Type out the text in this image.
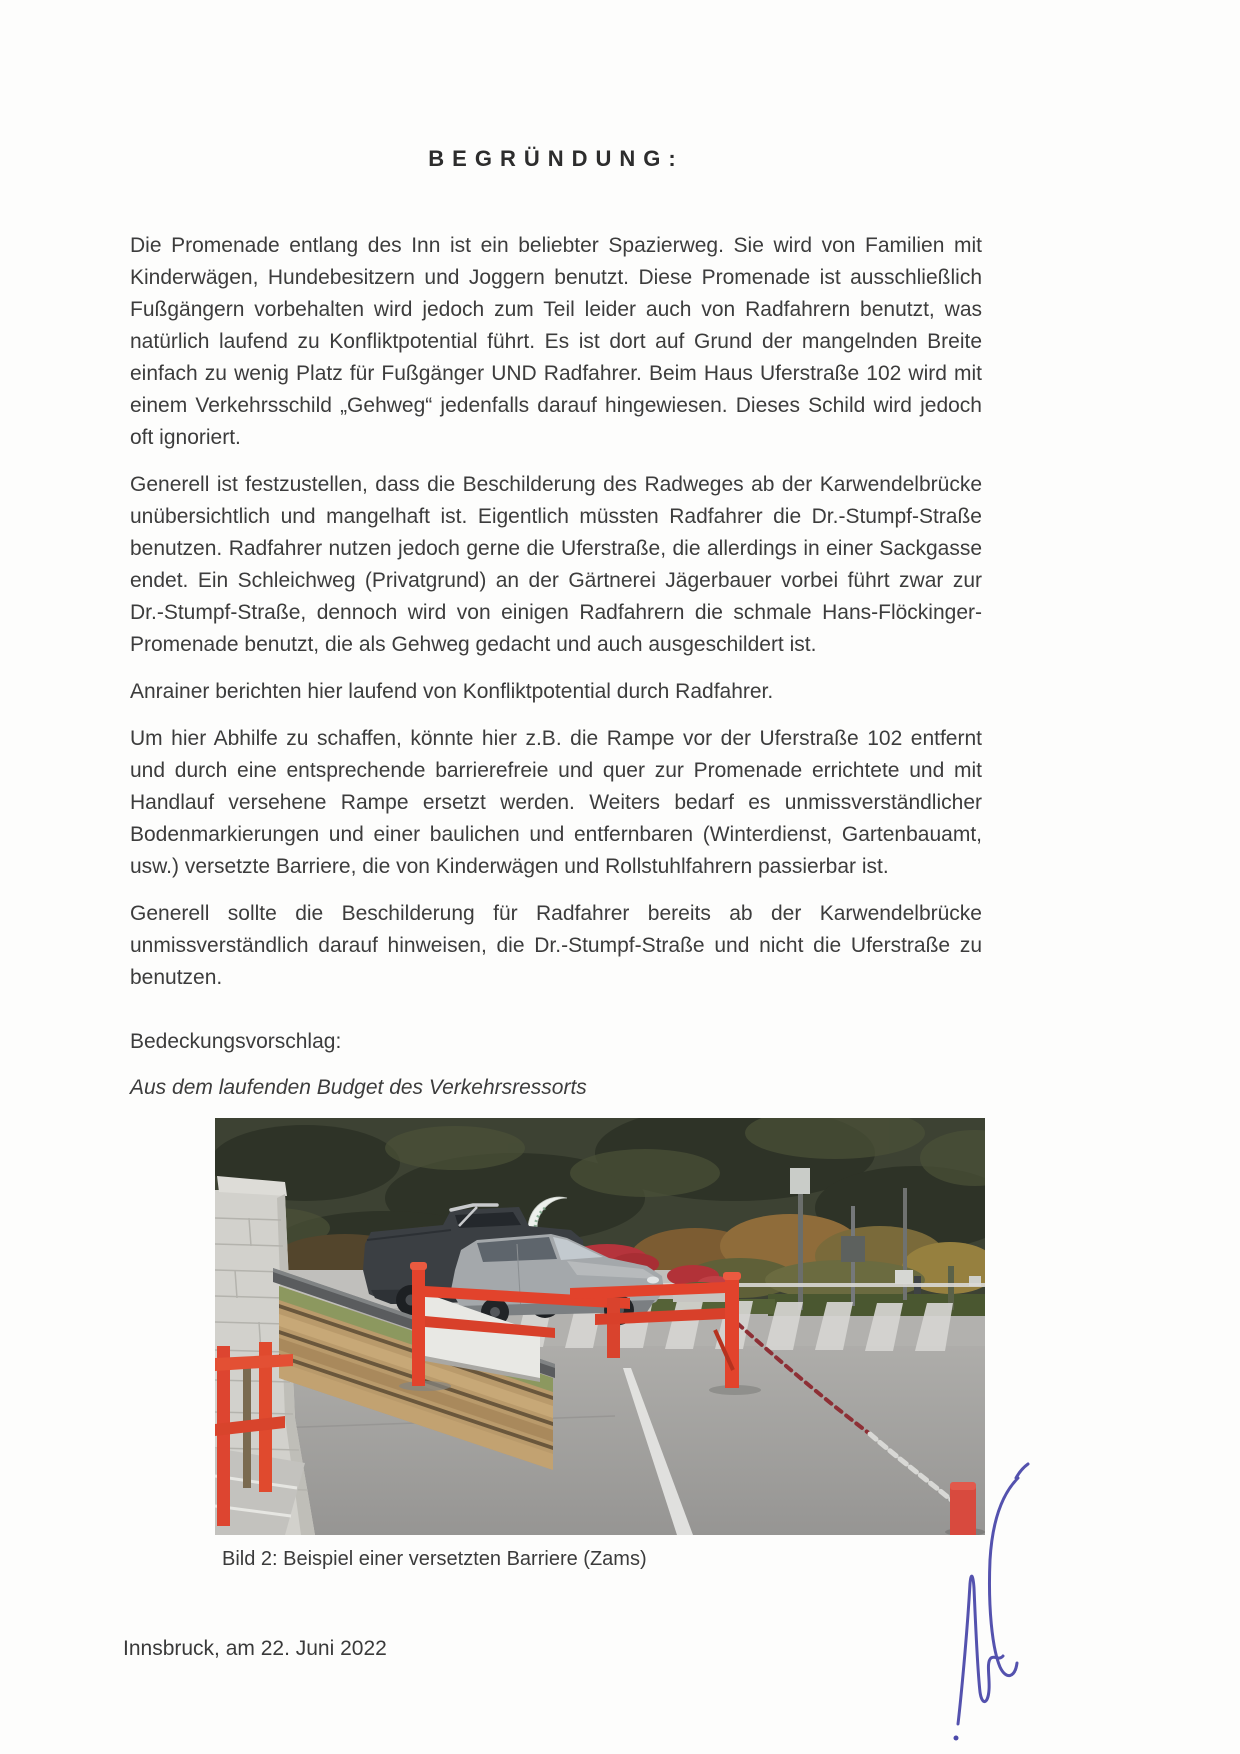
BEGRÜNDUNG:

Die Promenade entlang des Inn ist ein beliebter Spazierweg. Sie wird von Familien mit Kinderwägen, Hundebesitzern und Joggern benutzt. Diese Promenade ist ausschließlich Fußgängern vorbehalten wird jedoch zum Teil leider auch von Radfahrern benutzt, was natürlich laufend zu Konfliktpotential führt. Es ist dort auf Grund der mangelnden Breite einfach zu wenig Platz für Fußgänger UND Radfahrer. Beim Haus Uferstraße 102 wird mit einem Verkehrsschild „Gehweg“ jedenfalls darauf hingewiesen. Dieses Schild wird jedoch oft ignoriert.

Generell ist festzustellen, dass die Beschilderung des Radweges ab der Karwendelbrücke unübersichtlich und mangelhaft ist. Eigentlich müssten Radfahrer die Dr.-Stumpf-Straße benutzen. Radfahrer nutzen jedoch gerne die Uferstraße, die allerdings in einer Sackgasse endet. Ein Schleichweg (Privatgrund) an der Gärtnerei Jägerbauer vorbei führt zwar zur Dr.-Stumpf-Straße, dennoch wird von einigen Radfahrern die schmale Hans-Flöckinger-Promenade benutzt, die als Gehweg gedacht und auch ausgeschildert ist.

Anrainer berichten hier laufend von Konfliktpotential durch Radfahrer.

Um hier Abhilfe zu schaffen, könnte hier z.B. die Rampe vor der Uferstraße 102 entfernt und durch eine entsprechende barrierefreie und quer zur Promenade errichtete und mit Handlauf versehene Rampe ersetzt werden. Weiters bedarf es unmissverständlicher Bodenmarkierungen und einer baulichen und entfernbaren (Winterdienst, Gartenbauamt, usw.) versetzte Barriere, die von Kinderwägen und Rollstuhlfahrern passierbar ist.

Generell sollte die Beschilderung für Radfahrer bereits ab der Karwendelbrücke unmissverständlich darauf hinweisen, die Dr.-Stumpf-Straße und nicht die Uferstraße zu benutzen.

Bedeckungsvorschlag:
Aus dem laufenden Budget des Verkehrsressorts
Bild 2: Beispiel einer versetzten Barriere (Zams)
Innsbruck, am 22. Juni 2022
